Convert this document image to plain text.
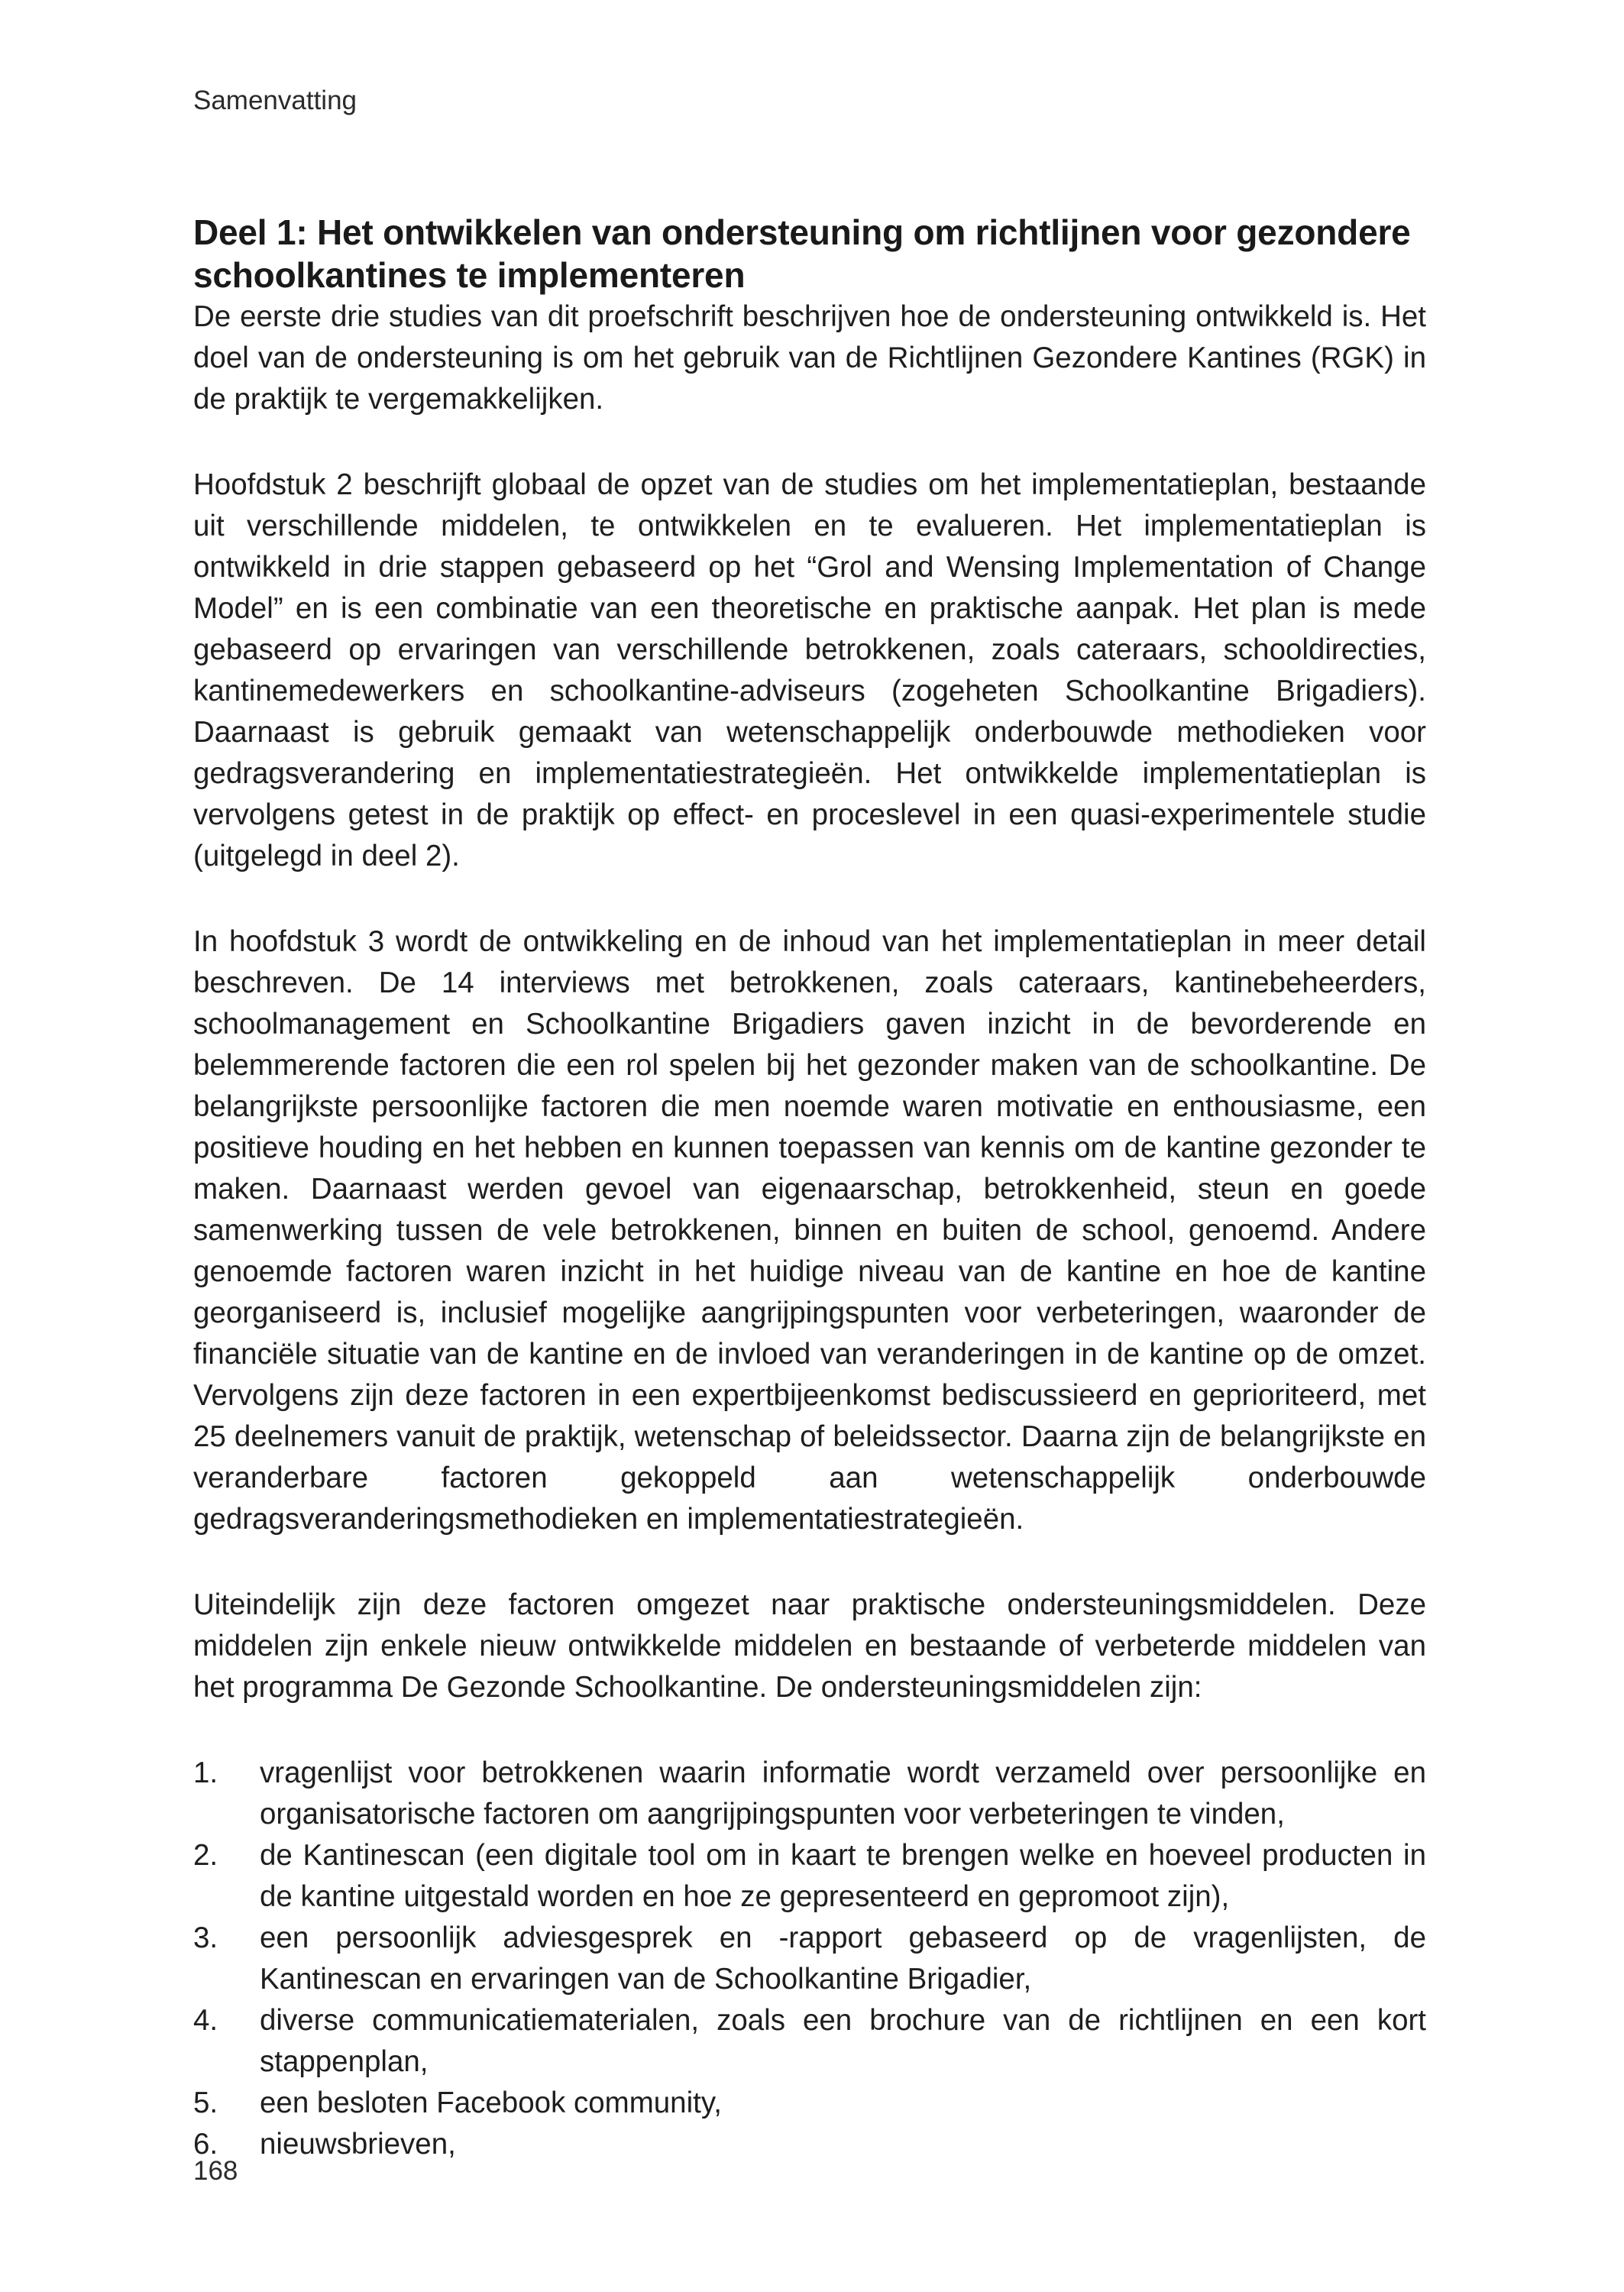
Samenvatting
Deel 1: Het ontwikkelen van ondersteuning om richtlijnen voor gezondere schoolkantines te implementeren

De eerste drie studies van dit proefschrift beschrijven hoe de ondersteuning ontwikkeld is. Het doel van de ondersteuning is om het gebruik van de Richtlijnen Gezondere Kantines (RGK) in de praktijk te vergemakkelijken.

Hoofdstuk 2 beschrijft globaal de opzet van de studies om het implementatieplan, bestaande uit verschillende middelen, te ontwikkelen en te evalueren. Het implementatieplan is ontwikkeld in drie stappen gebaseerd op het “Grol and Wensing Implementation of Change Model” en is een combinatie van een theoretische en praktische aanpak. Het plan is mede gebaseerd op ervaringen van verschillende betrokkenen, zoals cateraars, schooldirecties, kantinemedewerkers en schoolkantine-adviseurs (zogeheten Schoolkantine Brigadiers). Daarnaast is gebruik gemaakt van wetenschappelijk onderbouwde methodieken voor gedragsverandering en implementatiestrategieën. Het ontwikkelde implementatieplan is vervolgens getest in de praktijk op effect- en proceslevel in een quasi-experimentele studie (uitgelegd in deel 2).

In hoofdstuk 3 wordt de ontwikkeling en de inhoud van het implementatieplan in meer detail beschreven. De 14 interviews met betrokkenen, zoals cateraars, kantinebeheerders, schoolmanagement en Schoolkantine Brigadiers gaven inzicht in de bevorderende en belemmerende factoren die een rol spelen bij het gezonder maken van de schoolkantine. De belangrijkste persoonlijke factoren die men noemde waren motivatie en enthousiasme, een positieve houding en het hebben en kunnen toepassen van kennis om de kantine gezonder te maken. Daarnaast werden gevoel van eigenaarschap, betrokkenheid, steun en goede samenwerking tussen de vele betrokkenen, binnen en buiten de school, genoemd. Andere genoemde factoren waren inzicht in het huidige niveau van de kantine en hoe de kantine georganiseerd is, inclusief mogelijke aangrijpingspunten voor verbeteringen, waaronder de financiële situatie van de kantine en de invloed van veranderingen in de kantine op de omzet. Vervolgens zijn deze factoren in een expertbijeenkomst bediscussieerd en geprioriteerd, met 25 deelnemers vanuit de praktijk, wetenschap of beleidssector. Daarna zijn de belangrijkste en veranderbare factoren gekoppeld aan wetenschappelijk onderbouwde gedragsveranderingsmethodieken en implementatiestrategieën.

Uiteindelijk zijn deze factoren omgezet naar praktische ondersteuningsmiddelen. Deze middelen zijn enkele nieuw ontwikkelde middelen en bestaande of verbeterde middelen van het programma De Gezonde Schoolkantine. De ondersteuningsmiddelen zijn:

1.	vragenlijst voor betrokkenen waarin informatie wordt verzameld over persoonlijke en organisatorische factoren om aangrijpingspunten voor verbeteringen te vinden,
2.	de Kantinescan (een digitale tool om in kaart te brengen welke en hoeveel producten in de kantine uitgestald worden en hoe ze gepresenteerd en gepromoot zijn),
3.	een persoonlijk adviesgesprek en -rapport gebaseerd op de vragenlijsten, de Kantinescan en ervaringen van de Schoolkantine Brigadier,
4.	diverse communicatiematerialen, zoals een brochure van de richtlijnen en een kort stappenplan,
5.	een besloten Facebook community,
6.	nieuwsbrieven,
168
